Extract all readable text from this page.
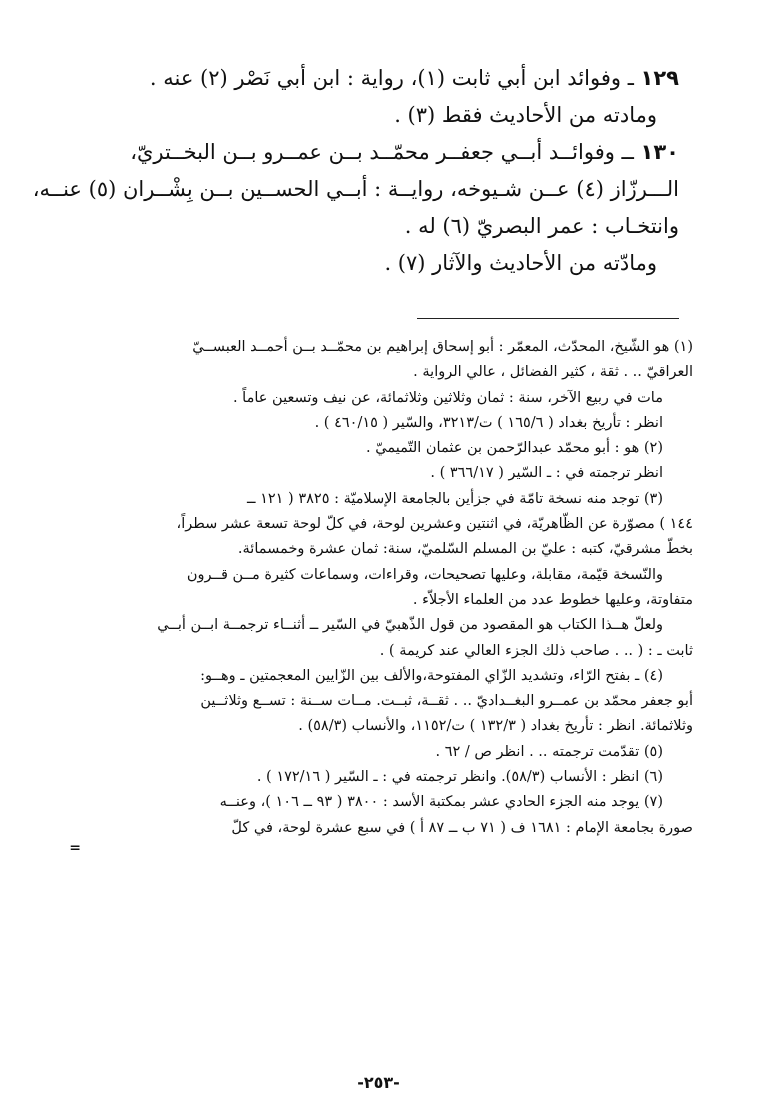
١٢٩ ـ وفوائد ابن أبي ثابت (١)، رواية : ابن أبي نَصْر (٢) عنه .
ومادته من الأحاديث فقط (٣) .
١٣٠ ــ وفوائــد أبــي جعفــر محمّــد بــن عمــرو بــن البخــتريّ،
الـــرزّاز (٤) عــن شـيوخه، روايــة : أبــي الحســين بــن بِشْــران (٥) عنــه،
وانتخـاب : عمر البصريّ (٦) له .
ومادّته من الأحاديث والآثار (٧) .
(١) هو الشّيخ، المحدّث، المعمّر : أبو إسحاق إبراهيم بن محمّــد بــن أحمــد العبســيّ
العراقيّ .. . ثقة ، كثير الفضائل ، عالي الرواية .
مات في ربيع الآخر، سنة : ثمان وثلاثين وثلاثمائة، عن نيف وتسعين عاماً .
انظر : تأريخ بغداد ( ١٦٥/٦ ) ت/٣٢١٣، والسّير ( ٤٦٠/١٥ ) .
(٢) هو : أبو محمّد عبدالرّحمن بن عثمان التّميميّ .
انظر ترجمته في : ـ السّير ( ٣٦٦/١٧ ) .
(٣) توجد منه نسخة تامّة في جزأين بالجامعة الإسلاميّة : ٣٨٢٥ ( ١٢١ ــ
١٤٤ ) مصوّرة عن الظّاهريّة، في اثنتين وعشرين لوحة، في كلّ لوحة تسعة عشر سطراً،
بخطّ مشرقيّ، كتبه : عليّ بن المسلم السّلميّ، سنة: ثمان عشرة وخمسمائة.
والنّسخة قيّمة، مقابلة، وعليها تصحيحات، وقراءات، وسماعات كثيرة مــن قــرون
متفاوتة، وعليها خطوط عدد من العلماء الأجلاّء .
ولعلّ هــذا الكتاب هو المقصود من قول الذّهبيّ في السّير ــ أثنــاء ترجمــة ابــن أبــي
ثابت ـ : ( .. . صاحب ذلك الجزء العالي عند كريمة ) .
(٤) ـ بفتح الرّاء، وتشديد الزّاي المفتوحة،والألف بين الزّايين المعجمتين ـ وهــو:
أبو جعفر محمّد بن عمــرو البغــداديّ .. . ثقــة، ثبــت. مــات ســنة : تســع وثلاثــين
وثلاثمائة. انظر : تأريخ بغداد ( ١٣٢/٣ ) ت/١١٥٢، والأنساب (٥٨/٣) .
(٥) تقدّمت ترجمته .. . انظر ص / ٦٢ .
(٦) انظر : الأنساب (٥٨/٣). وانظر ترجمته في : ـ السّير ( ١٧٢/١٦ ) .
(٧) يوجد منه الجزء الحادي عشر بمكتبة الأسد : ٣٨٠٠ ( ٩٣ ــ ١٠٦ )، وعنــه
صورة بجامعة الإمام : ١٦٨١ ف ( ٧١ ب ــ ٨٧ أ ) في سبع عشرة لوحة، في كلّ
=
-٢٥٣-
